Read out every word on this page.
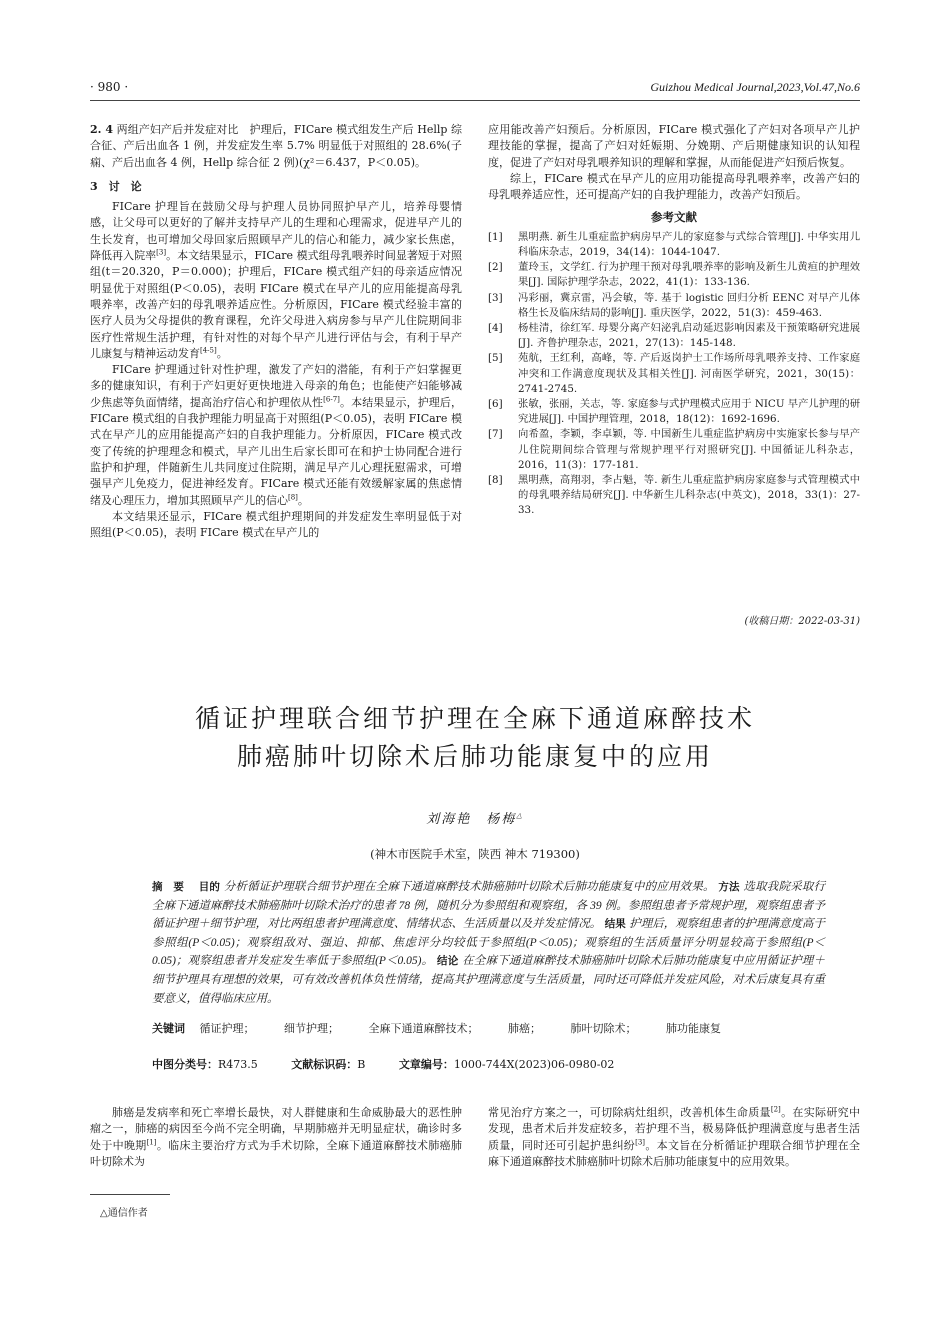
· 980 ·	Guizhou Medical Journal,2023,Vol.47,No.6

2. 4 两组产妇产后并发症对比　护理后，FICare 模式组发生产后 Hellp 综合征、产后出血各 1 例，并发症发生率 5.7% 明显低于对照组的 28.6%(子痫、产后出血各 4 例，Hellp 综合征 2 例)(χ²＝6.437，P＜0.05)。

3　讨　论

FICare 护理旨在鼓励父母与护理人员协同照护早产儿，培养母婴情感，让父母可以更好的了解并支持早产儿的生理和心理需求，促进早产儿的生长发育，也可增加父母回家后照顾早产儿的信心和能力，减少家长焦虑，降低再入院率[3]。本文结果显示，FICare 模式组母乳喂养时间显著短于对照组(t＝20.320，P＝0.000)；护理后，FICare 模式组产妇的母亲适应情况明显优于对照组(P＜0.05)，表明 FICare 模式在早产儿的应用能提高母乳喂养率，改善产妇的母乳喂养适应性。分析原因，FICare 模式经验丰富的医疗人员为父母提供的教育课程，允许父母进入病房参与早产儿住院期间非医疗性常规生活护理，有针对性的对每个早产儿进行评估与会，有利于早产儿康复与精神运动发育[4-5]。

FICare 护理通过针对性护理，激发了产妇的潜能，有利于产妇掌握更多的健康知识，有利于产妇更好更快地进入母亲的角色；也能使产妇能够减少焦虑等负面情绪，提高治疗信心和护理依从性[6-7]。本结果显示，护理后，FICare 模式组的自我护理能力明显高于对照组(P＜0.05)，表明 FICare 模式在早产儿的应用能提高产妇的自我护理能力。分析原因，FICare 模式改变了传统的护理理念和模式，早产儿出生后家长即可在和护士协同配合进行监护和护理，伴随新生儿共同度过住院期，满足早产儿心理抚慰需求，可增强早产儿免疫力，促进神经发育。FICare 模式还能有效缓解家属的焦虑情绪及心理压力，增加其照顾早产儿的信心[8]。

本文结果还显示，FICare 模式组护理期间的并发症发生率明显低于对照组(P＜0.05)，表明 FICare 模式在早产儿的

应用能改善产妇预后。分析原因，FICare 模式强化了产妇对各项早产儿护理技能的掌握，提高了产妇对妊娠期、分娩期、产后期健康知识的认知程度，促进了产妇对母乳喂养知识的理解和掌握，从而能促进产妇预后恢复。

综上，FICare 模式在早产儿的应用功能提高母乳喂养率，改善产妇的母乳喂养适应性，还可提高产妇的自我护理能力，改善产妇预后。

参考文献
[1]	黑明燕. 新生儿重症监护病房早产儿的家庭参与式综合管理[J]. 中华实用儿科临床杂志，2019，34(14)：1044-1047.
[2]	董玲玉，文学红. 行为护理干预对母乳喂养率的影响及新生儿黄疸的护理效果[J]. 国际护理学杂志，2022，41(1)：133-136.
[3]	冯彩丽，冀京雷，冯会敏，等. 基于 logistic 回归分析 EENC 对早产儿体格生长及临床结局的影响[J]. 重庆医学，2022，51(3)：459-463.
[4]	杨桂清，徐红军. 母婴分离产妇泌乳启动延迟影响因素及干预策略研究进展[J]. 齐鲁护理杂志，2021，27(13)：145-148.
[5]	苑航，王红利，高峰，等. 产后返岗护士工作场所母乳喂养支持、工作家庭冲突和工作满意度现状及其相关性[J]. 河南医学研究，2021，30(15)：2741-2745.
[6]	张敏，张丽，关志，等. 家庭参与式护理模式应用于 NICU 早产儿护理的研究进展[J]. 中国护理管理，2018，18(12)：1692-1696.
[7]	向希盈，李颖，李卓颖，等. 中国新生儿重症监护病房中实施家长参与早产儿住院期间综合管理与常规护理平行对照研究[J]. 中国循证儿科杂志，2016，11(3)：177-181.
[8]	黑明燕，高翔羽，李占魁，等. 新生儿重症监护病房家庭参与式管理模式中的母乳喂养结局研究[J]. 中华新生儿科杂志(中英文)，2018，33(1)：27-33.
(收稿日期：2022-03-31)
循证护理联合细节护理在全麻下通道麻醉技术
肺癌肺叶切除术后肺功能康复中的应用
刘海艳　杨梅△
(神木市医院手术室，陕西 神木 719300)
摘　要　 目的 分析循证护理联合细节护理在全麻下通道麻醉技术肺癌肺叶切除术后肺功能康复中的应用效果。 方法 选取我院采取行全麻下通道麻醉技术肺癌肺叶切除术治疗的患者 78 例，随机分为参照组和观察组，各 39 例。参照组患者予常规护理，观察组患者予循证护理＋细节护理，对比两组患者护理满意度、情绪状态、生活质量以及并发症情况。 结果 护理后，观察组患者的护理满意度高于参照组(P＜0.05)；观察组敌对、强迫、抑郁、焦虑评分均较低于参照组(P＜0.05)；观察组的生活质量评分明显较高于参照组(P＜0.05)；观察组患者并发症发生率低于参照组(P＜0.05)。 结论 在全麻下通道麻醉技术肺癌肺叶切除术后肺功能康复中应用循证护理＋细节护理具有理想的效果，可有效改善机体负性情绪，提高其护理满意度与生活质量，同时还可降低并发症风险，对术后康复具有重要意义，值得临床应用。
关键词　 循证护理；	细节护理；	全麻下通道麻醉技术；	肺癌；	肺叶切除术；	肺功能康复
中图分类号：R473.5	文献标识码：B	文章编号：1000-744X(2023)06-0980-02

肺癌是发病率和死亡率增长最快，对人群健康和生命威胁最大的恶性肿瘤之一，肺癌的病因至今尚不完全明确，早期肺癌并无明显症状，确诊时多处于中晚期[1]。临床主要治疗方式为手术切除，全麻下通道麻醉技术肺癌肺叶切除术为

常见治疗方案之一，可切除病灶组织，改善机体生命质量[2]。在实际研究中发现，患者术后并发症较多，若护理不当，极易降低护理满意度与患者生活质量，同时还可引起护患纠纷[3]。本文旨在分析循证护理联合细节护理在全麻下通道麻醉技术肺癌肺叶切除术后肺功能康复中的应用效果。

△通信作者
